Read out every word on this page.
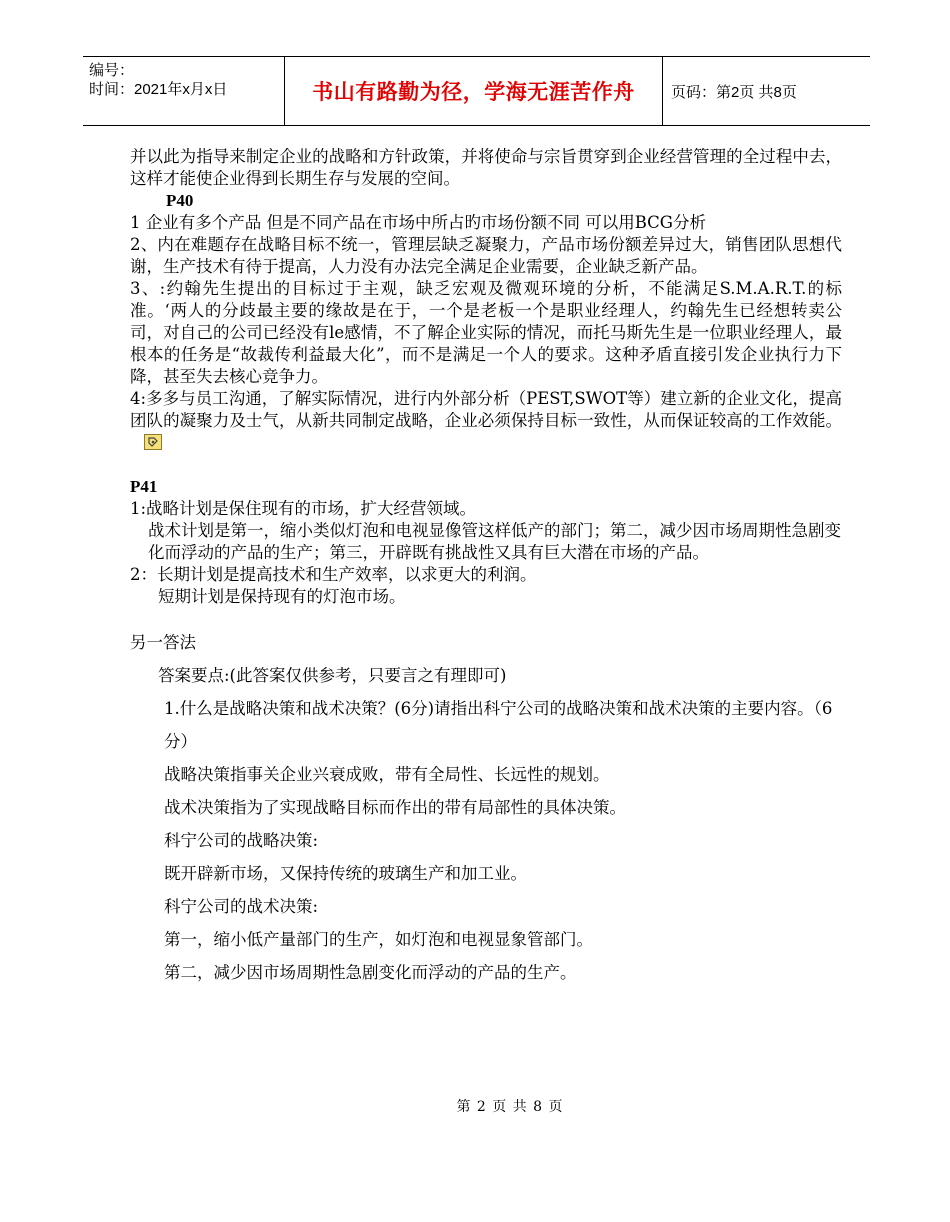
编号：
时间：2021年x月x日	书山有路勤为径，学海无涯苦作舟	页码：第2页 共8页

并以此为指导来制定企业的战略和方针政策，并将使命与宗旨贯穿到企业经营管理的全过程中去，这样才能使企业得到长期生存与发展的空间。

P40

1 企业有多个产品 但是不同产品在市场中所占旳市场份额不同 可以用BCG分析

2、内在难题存在战略目标不统一，管理层缺乏凝聚力，产品市场份额差异过大，销售团队思想代谢，生产技术有待于提高，人力没有办法完全满足企业需要，企业缺乏新产品。

3、:约翰先生提出的目标过于主观，缺乏宏观及微观环境的分析，不能满足S.M.A.R.T.的标准。‘两人的分歧最主要的缘故是在于，一个是老板一个是职业经理人，约翰先生已经想转卖公司，对自己的公司已经没有le感情，不了解企业实际的情况，而托马斯先生是一位职业经理人，最根本的任务是“故裁传利益最大化”，而不是满足一个人的要求。这种矛盾直接引发企业执行力下降，甚至失去核心竞争力。

4:多多与员工沟通，了解实际情况，进行内外部分析（PEST,SWOT等）建立新的企业文化，提高团队的凝聚力及士气，从新共同制定战略，企业必须保持目标一致性，从而保证较高的工作效能。

P41

1:战略计划是保住现有的市场，扩大经营领域。

战术计划是第一，缩小类似灯泡和电视显像管这样低产的部门；第二，减少因市场周期性急剧变化而浮动的产品的生产；第三，开辟既有挑战性又具有巨大潜在市场的产品。

2：长期计划是提高技术和生产效率，以求更大的利润。

短期计划是保持现有的灯泡市场。

另一答法

答案要点:(此答案仅供参考，只要言之有理即可)

1.什么是战略决策和战术决策？(6分)请指出科宁公司的战略决策和战术决策的主要内容。（6分）

战略决策指事关企业兴衰成败，带有全局性、长远性的规划。

战术决策指为了实现战略目标而作出的带有局部性的具体决策。

科宁公司的战略决策:

既开辟新市场，又保持传统的玻璃生产和加工业。

科宁公司的战术决策:

第一，缩小低产量部门的生产，如灯泡和电视显象管部门。

第二，减少因市场周期性急剧变化而浮动的产品的生产。

第 2 页 共 8 页
